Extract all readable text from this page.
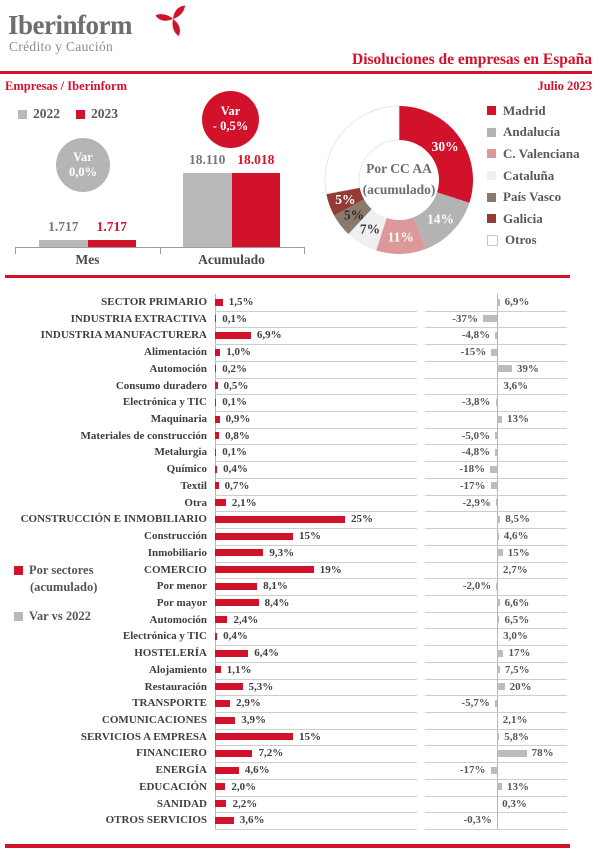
Iberinform
Crédito y Caución
Disoluciones de empresas en España
Empresas / Iberinform	Julio 2023
2022 2023
Var
0,0%
Var
- 0,5%
1.717	1.717
Mes
18.110 18.018
Acumulado
30%
14%
11%
7%
5%
5%
Por CC AA
(acumulado)
Madrid
Andalucía
C. Valenciana
Cataluña
País Vasco
Galicia
Otros
Por sectores
(acumulado)
Var vs 2022
SECTOR PRIMARIO 1,5%	6,9%
INDUSTRIA EXTRACTIVA 0,1%	-37%
INDUSTRIA MANUFACTURERA	6,9%	-4,8%
Alimentación 1,0%	-15%
Automoción 0,2%	39%
Consumo duradero 0,5%	3,6%
Electrónica y TIC 0,1%	-3,8%
Maquinaria 0,9%	13%
Materiales de construcción 0,8%	-5,0%
Metalurgia 0,1%	-4,8%
Químico 0,4%	-18%
Textil 0,7%	-17%
Otra 2,1%	-2,9%
CONSTRUCCIÓN E INMOBILIARIO	25%	8,5%
Construcción	15%	4,6%
Inmobiliario	9,3%	15%
COMERCIO	19%	2,7%
Por menor	8,1%	-2,0%
Por mayor	8,4%	6,6%
Automoción 2,4%	6,5%
Electrónica y TIC 0,4%	3,0%
HOSTELERÍA	6,4%	17%
Alojamiento 1,1%	7,5%
Restauración	5,3%	20%
TRANSPORTE	2,9%	-5,7%
COMUNICACIONES	3,9%	2,1%
SERVICIOS A EMPRESA	15%	5,8%
FINANCIERO	7,2%	78%
ENERGÍA	4,6%	-17%
EDUCACIÓN 2,0%	13%
SANIDAD 2,2%	0,3%
OTROS SERVICIOS	3,6%	-0,3%
